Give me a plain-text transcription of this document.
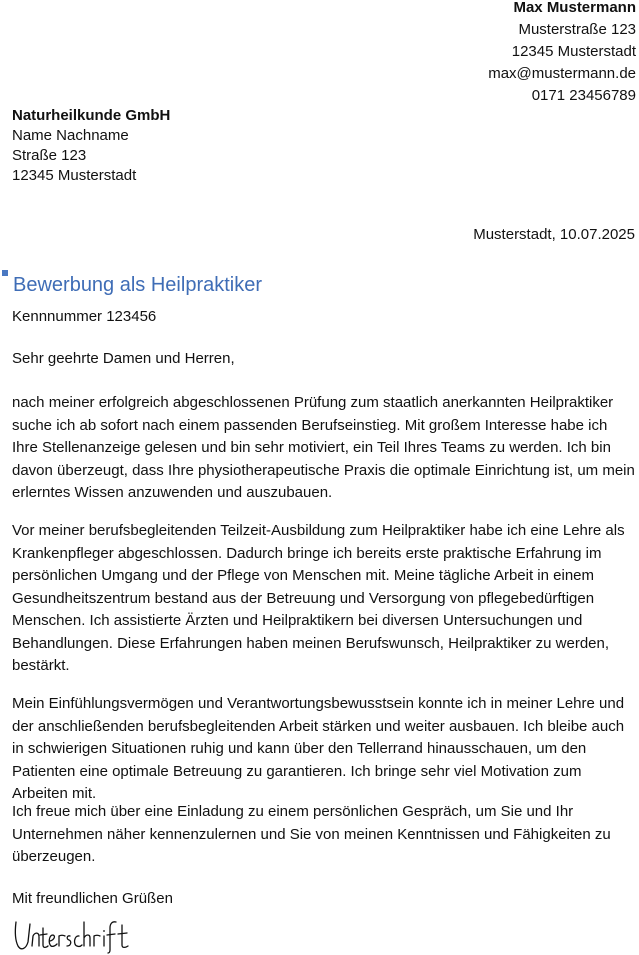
Max Mustermann
Musterstraße 123
12345 Musterstadt
max@mustermann.de
0171 23456789
Naturheilkunde GmbH
Name Nachname
Straße 123
12345 Musterstadt
Musterstadt, 10.07.2025
Bewerbung als Heilpraktiker
Kennnummer 123456
Sehr geehrte Damen und Herren,

nach meiner erfolgreich abgeschlossenen Prüfung zum staatlich anerkannten Heilpraktiker suche ich ab sofort nach einem passenden Berufseinstieg. Mit großem Interesse habe ich Ihre Stellenanzeige gelesen und bin sehr motiviert, ein Teil Ihres Teams zu werden. Ich bin davon überzeugt, dass Ihre physiotherapeutische Praxis die optimale Einrichtung ist, um mein erlerntes Wissen anzuwenden und auszubauen.

Vor meiner berufsbegleitenden Teilzeit-Ausbildung zum Heilpraktiker habe ich eine Lehre als Krankenpfleger abgeschlossen. Dadurch bringe ich bereits erste praktische Erfahrung im persönlichen Umgang und der Pflege von Menschen mit. Meine tägliche Arbeit in einem Gesundheitszentrum bestand aus der Betreuung und Versorgung von pflegebedürftigen Menschen. Ich assistierte Ärzten und Heilpraktikern bei diversen Untersuchungen und Behandlungen. Diese Erfahrungen haben meinen Berufswunsch, Heilpraktiker zu werden, bestärkt.

Mein Einfühlungsvermögen und Verantwortungsbewusstsein konnte ich in meiner Lehre und der anschließenden berufsbegleitenden Arbeit stärken und weiter ausbauen. Ich bleibe auch in schwierigen Situationen ruhig und kann über den Tellerrand hinausschauen, um den Patienten eine optimale Betreuung zu garantieren. Ich bringe sehr viel Motivation zum Arbeiten mit.

Ich freue mich über eine Einladung zu einem persönlichen Gespräch, um Sie und Ihr Unternehmen näher kennenzulernen und Sie von meinen Kenntnissen und Fähigkeiten zu überzeugen.

Mit freundlichen Grüßen
